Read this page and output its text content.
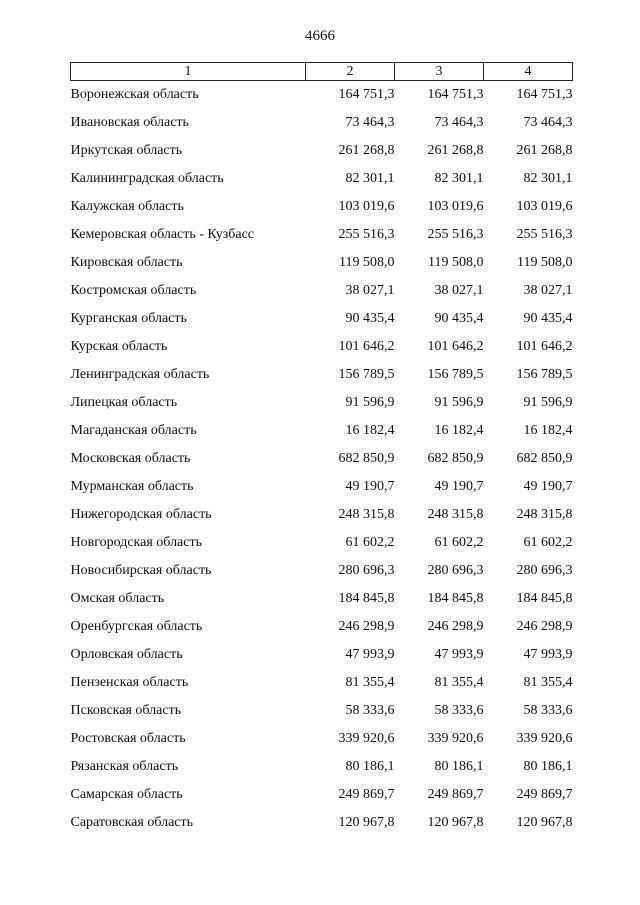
4666
1	2	3	4
Воронежская область	164 751,3	164 751,3	164 751,3
Ивановская область	73 464,3	73 464,3	73 464,3
Иркутская область	261 268,8	261 268,8	261 268,8
Калининградская область	82 301,1	82 301,1	82 301,1
Калужская область	103 019,6	103 019,6	103 019,6
Кемеровская область - Кузбасс	255 516,3	255 516,3	255 516,3
Кировская область	119 508,0	119 508,0	119 508,0
Костромская область	38 027,1	38 027,1	38 027,1
Курганская область	90 435,4	90 435,4	90 435,4
Курская область	101 646,2	101 646,2	101 646,2
Ленинградская область	156 789,5	156 789,5	156 789,5
Липецкая область	91 596,9	91 596,9	91 596,9
Магаданская область	16 182,4	16 182,4	16 182,4
Московская область	682 850,9	682 850,9	682 850,9
Мурманская область	49 190,7	49 190,7	49 190,7
Нижегородская область	248 315,8	248 315,8	248 315,8
Новгородская область	61 602,2	61 602,2	61 602,2
Новосибирская область	280 696,3	280 696,3	280 696,3
Омская область	184 845,8	184 845,8	184 845,8
Оренбургская область	246 298,9	246 298,9	246 298,9
Орловская область	47 993,9	47 993,9	47 993,9
Пензенская область	81 355,4	81 355,4	81 355,4
Псковская область	58 333,6	58 333,6	58 333,6
Ростовская область	339 920,6	339 920,6	339 920,6
Рязанская область	80 186,1	80 186,1	80 186,1
Самарская область	249 869,7	249 869,7	249 869,7
Саратовская область	120 967,8	120 967,8	120 967,8
